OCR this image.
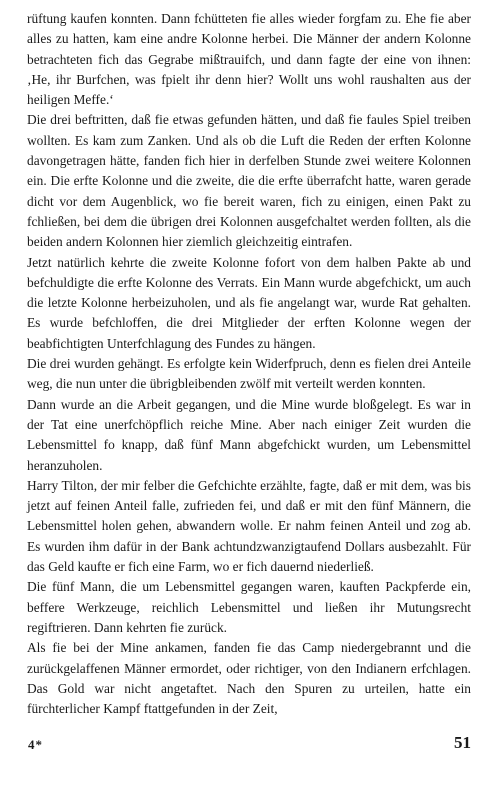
rüftung kaufen konnten. Dann fchütteten fie alles wieder forgfam zu. Ehe fie aber alles zu hatten, kam eine andre Kolonne herbei. Die Männer der andern Kolonne betrachteten fich das Gegrabe mißtrauifch, und dann fagte der eine von ihnen: ‚He, ihr Burfchen, was fpielt ihr denn hier? Wollt uns wohl raushalten aus der heiligen Meffe.‘

Die drei beftritten, daß fie etwas gefunden hätten, und daß fie faules Spiel treiben wollten. Es kam zum Zanken. Und als ob die Luft die Reden der erften Kolonne davongetragen hätte, fanden fich hier in derfelben Stunde zwei weitere Kolonnen ein. Die erfte Kolonne und die zweite, die die erfte überrafcht hatte, waren gerade dicht vor dem Augenblick, wo fie bereit waren, fich zu einigen, einen Pakt zu fchließen, bei dem die übrigen drei Kolonnen ausgefchaltet werden follten, als die beiden andern Kolonnen hier ziemlich gleichzeitig eintrafen.

Jetzt natürlich kehrte die zweite Kolonne fofort von dem halben Pakte ab und befchuldigte die erfte Kolonne des Verrats. Ein Mann wurde abgefchickt, um auch die letzte Kolonne herbeizuholen, und als fie angelangt war, wurde Rat gehalten. Es wurde befchloffen, die drei Mitglieder der erften Kolonne wegen der beabfichtigten Unterfchlagung des Fundes zu hängen.

Die drei wurden gehängt. Es erfolgte kein Widerfpruch, denn es fielen drei Anteile weg, die nun unter die übrigbleibenden zwölf mit verteilt werden konnten.

Dann wurde an die Arbeit gegangen, und die Mine wurde bloßgelegt. Es war in der Tat eine unerfchöpflich reiche Mine. Aber nach einiger Zeit wurden die Lebensmittel fo knapp, daß fünf Mann abgefchickt wurden, um Lebensmittel heranzuholen.

Harry Tilton, der mir felber die Gefchichte erzählte, fagte, daß er mit dem, was bis jetzt auf feinen Anteil falle, zufrieden fei, und daß er mit den fünf Männern, die Lebensmittel holen gehen, abwandern wolle. Er nahm feinen Anteil und zog ab. Es wurden ihm dafür in der Bank achtundzwanzigtaufend Dollars ausbezahlt. Für das Geld kaufte er fich eine Farm, wo er fich dauernd niederließ.

Die fünf Mann, die um Lebensmittel gegangen waren, kauften Packpferde ein, beffere Werkzeuge, reichlich Lebensmittel und ließen ihr Mutungsrecht regiftrieren. Dann kehrten fie zurück.

Als fie bei der Mine ankamen, fanden fie das Camp niedergebrannt und die zurückgelaffenen Männer ermordet, oder richtiger, von den Indianern erfchlagen. Das Gold war nicht angetaftet. Nach den Spuren zu urteilen, hatte ein fürchterlicher Kampf ftattgefunden in der Zeit,

4*	51
